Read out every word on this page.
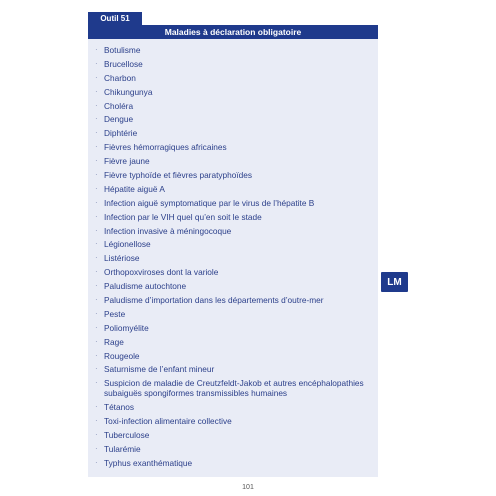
Outil 51
Maladies à déclaration obligatoire
· Botulisme
· Brucellose
· Charbon
· Chikungunya
· Choléra
· Dengue
· Diphtérie
· Fièvres hémorragiques africaines
· Fièvre jaune
· Fièvre typhoïde et fièvres paratyphoïdes
· Hépatite aiguë A
· Infection aiguë symptomatique par le virus de l’hépatite B
· Infection par le VIH quel qu’en soit le stade
· Infection invasive à méningocoque
· Légionellose
· Listériose
· Orthopoxviroses dont la variole
· Paludisme autochtone
· Paludisme d’importation dans les départements d’outre-mer
· Peste
· Poliomyélite
· Rage
· Rougeole
· Saturnisme de l’enfant mineur
· Suspicion de maladie de Creutzfeldt-Jakob et autres encéphalopathies subaiguës spongiformes transmissibles humaines
· Tétanos
· Toxi-infection alimentaire collective
· Tuberculose
· Tularémie
· Typhus exanthématique
LM
101
